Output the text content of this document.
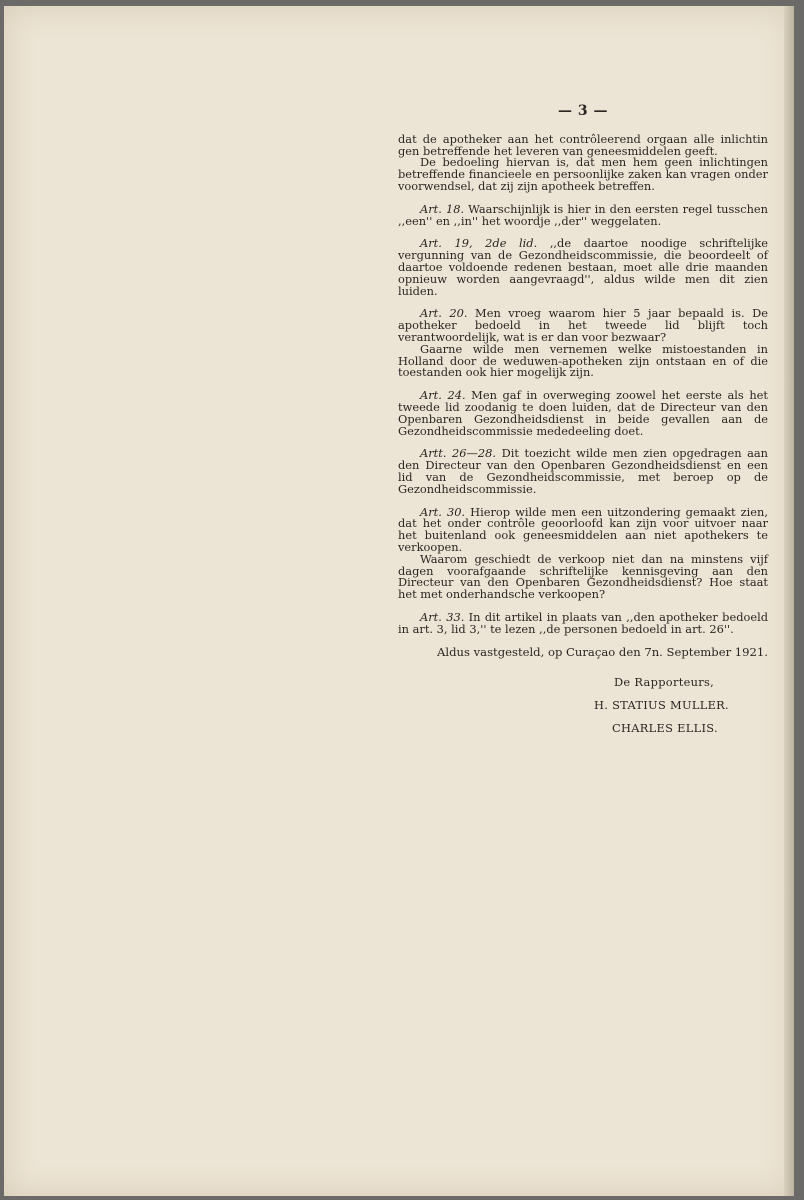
— 3 —

dat de apotheker aan het contrôleerend orgaan alle inlichtin gen betreffende het leveren van geneesmiddelen geeft.

De bedoeling hiervan is, dat men hem geen inlichtingen betreffende financieele en persoonlijke zaken kan vragen onder voorwendsel, dat zij zijn apotheek betreffen.

Art. 18. Waarschijnlijk is hier in den eersten regel tusschen ,,een'' en ,,in'' het woordje ,,der'' weggelaten.

Art. 19, 2de lid. ,,de daartoe noodige schriftelijke vergunning van de Gezondheidscommissie, die beoordeelt of daartoe voldoende redenen bestaan, moet alle drie maanden opnieuw worden aangevraagd'', aldus wilde men dit zien luiden.

Art. 20. Men vroeg waarom hier 5 jaar bepaald is. De apotheker bedoeld in het tweede lid blijft toch verantwoordelijk, wat is er dan voor bezwaar?

Gaarne wilde men vernemen welke mistoestanden in Holland door de weduwen-apotheken zijn ontstaan en of die toestanden ook hier mogelijk zijn.

Art. 24. Men gaf in overweging zoowel het eerste als het tweede lid zoodanig te doen luiden, dat de Directeur van den Openbaren Gezondheidsdienst in beide gevallen aan de Gezondheidscommissie mededeeling doet.

Artt. 26—28. Dit toezicht wilde men zien opgedragen aan den Directeur van den Openbaren Gezondheidsdienst en een lid van de Gezondheidscommissie, met beroep op de Gezondheidscommissie.

Art. 30. Hierop wilde men een uitzondering gemaakt zien, dat het onder contrôle geoorloofd kan zijn voor uitvoer naar het buitenland ook geneesmiddelen aan niet apothekers te verkoopen.

Waarom geschiedt de verkoop niet dan na minstens vijf dagen voorafgaande schriftelijke kennisgeving aan den Directeur van den Openbaren Gezondheidsdienst? Hoe staat het met onderhandsche verkoopen?

Art. 33. In dit artikel in plaats van ,,den apotheker bedoeld in art. 3, lid 3,'' te lezen ,,de personen bedoeld in art. 26''.

Aldus vastgesteld, op Curaçao den 7n. September 1921.

De Rapporteurs,
H. STATIUS MULLER.
CHARLES ELLIS.
